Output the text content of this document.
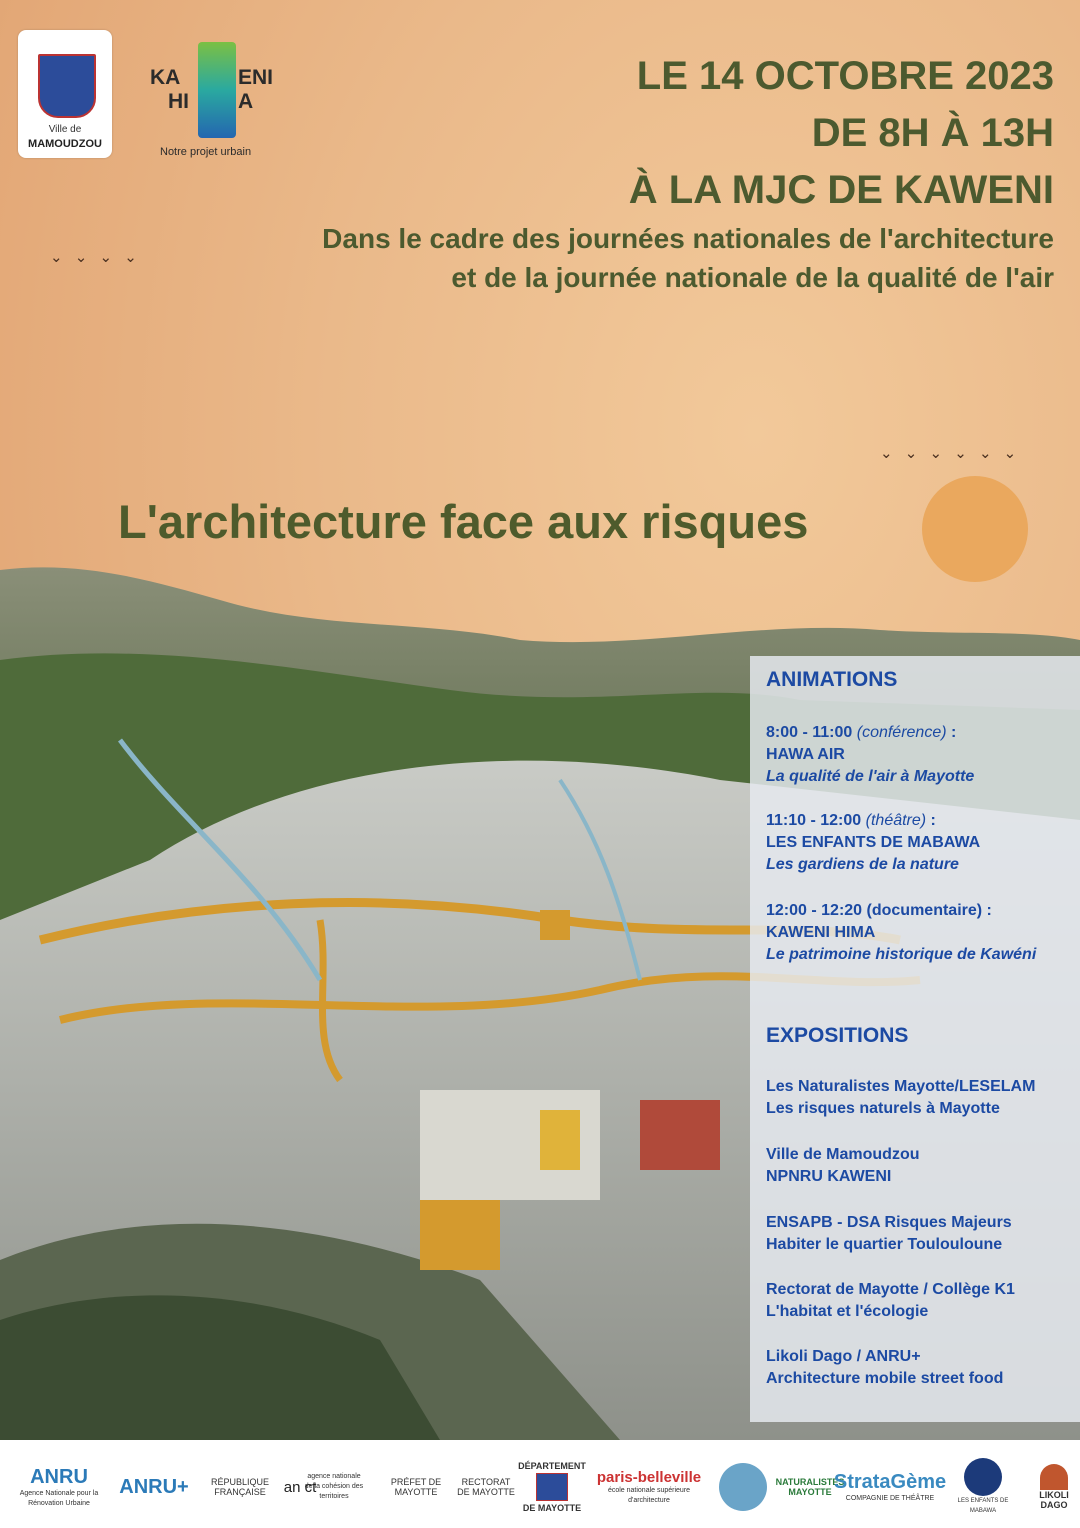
Ville de
MAMOUDZOU
KA	ENI
HI A
Notre projet urbain
LE 14 OCTOBRE 2023
DE 8H À 13H
À LA MJC DE KAWENI
Dans le cadre des journées nationales de l'architecture
et de la journée nationale de la qualité de l'air
⌄ ⌄ ⌄ ⌄
⌄ ⌄ ⌄ ⌄ ⌄ ⌄
L'architecture face aux risques
ANIMATIONS
8:00 - 11:00 (conférence) :
HAWA AIR
La qualité de l'air à Mayotte
11:10 - 12:00 (théâtre) :
LES ENFANTS DE MABAWA
Les gardiens de la nature
12:00 - 12:20 (documentaire) :
KAWENI HIMA
Le patrimoine historique de Kawéni
EXPOSITIONS
Les Naturalistes Mayotte/LESELAM
Les risques naturels à Mayotte
Ville de Mamoudzou
NPNRU KAWENI
ENSAPB - DSA Risques Majeurs
Habiter le quartier Toulouloune
Rectorat de Mayotte / Collège K1
L'habitat et l'écologie
Likoli Dago / ANRU+
Architecture mobile street food
ANRU
Agence Nationale pour la Rénovation Urbaine
ANRU+ RÉPUBLIQUE FRANÇAISE an ct
agence nationale de la cohésion des territoires
PRÉFET DE MAYOTTE
RECTORAT DE MAYOTTE
DÉPARTEMENT
DE MAYOTTE
paris-belleville
école nationale supérieure d'architecture
NATURALISTES MAYOTTE StrataGème
COMPAGNIE DE THÉÂTRE	LES ENFANTS DE MABAWA
LIKOLI DAGO
